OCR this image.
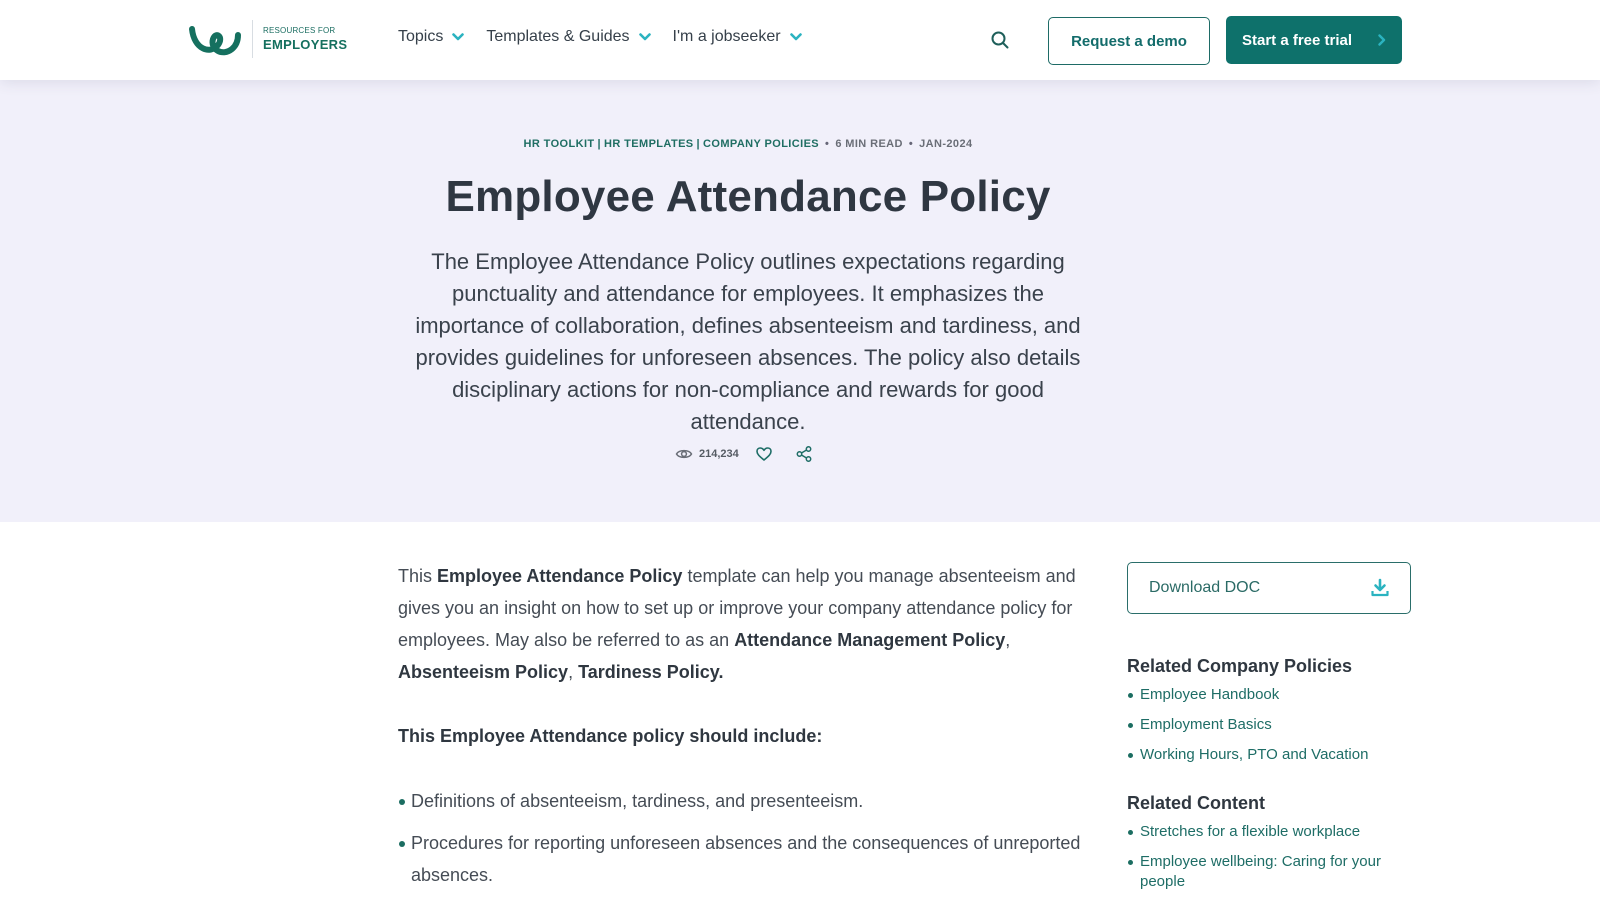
RESOURCES FOR
EMPLOYERS	Topics	Templates & Guides	I'm a jobseeker	Request a demo	Start a free trial
HR TOOLKIT | HR TEMPLATES | COMPANY POLICIES • 6 MIN READ • JAN-2024
Employee Attendance Policy

The Employee Attendance Policy outlines expectations regarding punctuality and attendance for employees. It emphasizes the importance of collaboration, defines absenteeism and tardiness, and provides guidelines for unforeseen absences. The policy also details disciplinary actions for non-compliance and rewards for good attendance.

214,234

This Employee Attendance Policy template can help you manage absenteeism and gives you an insight on how to set up or improve your company attendance policy for employees. May also be referred to as an Attendance Management Policy, Absenteeism Policy, Tardiness Policy.

This Employee Attendance policy should include:

Definitions of absenteeism, tardiness, and presenteeism.
Procedures for reporting unforeseen absences and the consequences of unreported absences.
Download DOC
Related Company Policies
Employee Handbook
Employment Basics
Working Hours, PTO and Vacation
Related Content
Stretches for a flexible workplace
Employee wellbeing: Caring for your people
